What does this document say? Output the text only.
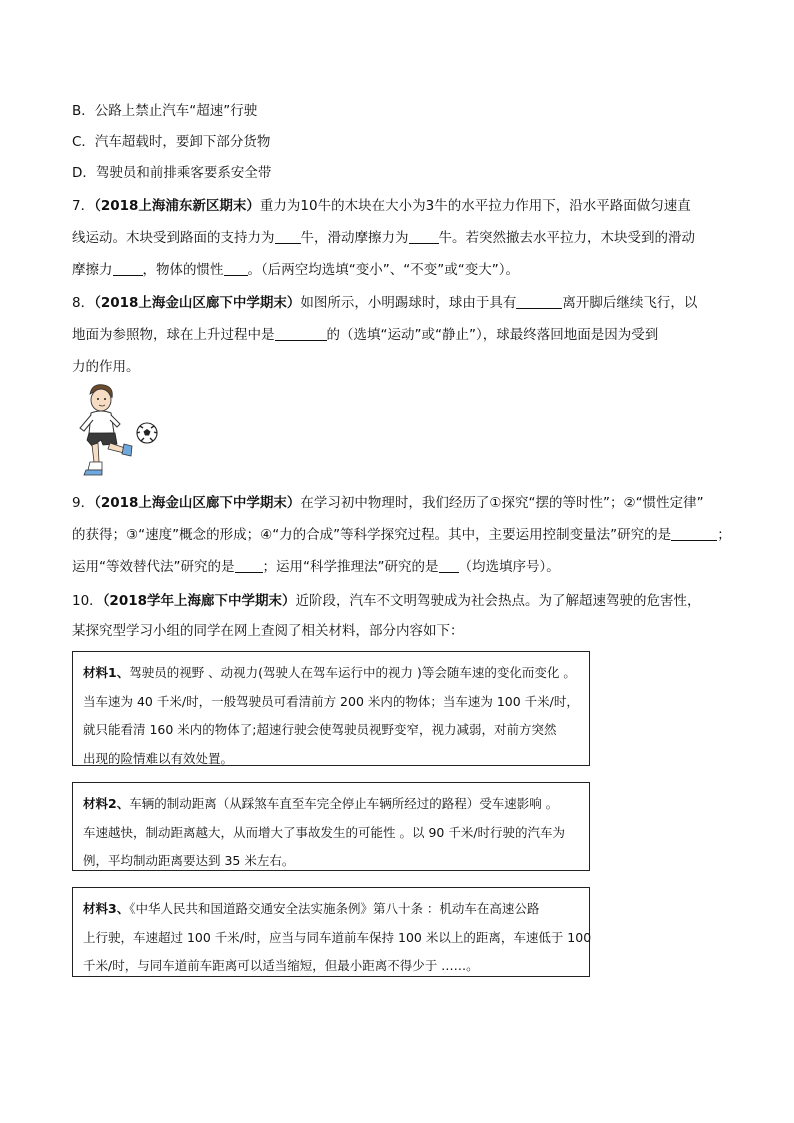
B．公路上禁止汽车“超速”行驶
C．汽车超载时，要卸下部分货物
D．驾驶员和前排乘客要系安全带
7．（2018上海浦东新区期末）重力为10牛的木块在大小为3牛的水平拉力作用下，沿水平路面做匀速直
线运动。木块受到路面的支持力为 牛，滑动摩擦力为 牛。若突然撤去水平拉力，木块受到的滑动
摩擦力 ，物体的惯性 。（后两空均选填“变小”、“不变”或“变大”）。
8．（2018上海金山区廊下中学期末）如图所示，小明踢球时，球由于具有	离开脚后继续飞行，以
地面为参照物，球在上升过程中是	的（选填“运动”或“静止”），球最终落回地面是因为受到
力的作用。
9．（2018上海金山区廊下中学期末）在学习初中物理时，我们经历了①探究“摆的等时性”；②“惯性定律”
的获得；③“速度”概念的形成；④“力的合成”等科学探究过程。其中，主要运用控制变量法”研究的是	；
运用“等效替代法”研究的是 ；运用“科学推理法”研究的是 （均选填序号）。
10．（2018学年上海廊下中学期末）近阶段，汽车不文明驾驶成为社会热点。为了解超速驾驶的危害性，
某探究型学习小组的同学在网上查阅了相关材料，部分内容如下：
材料1、驾驶员的视野 、动视力(驾驶人在驾车运行中的视力 )等会随车速的变化而变化 。
当车速为 40 千米/时，一般驾驶员可看清前方 200 米内的物体；当车速为 100 千米/时，
就只能看清 160 米内的物体了;超速行驶会使驾驶员视野变窄，视力减弱，对前方突然
出现的险情难以有效处置。
材料2、车辆的制动距离（从踩煞车直至车完全停止车辆所经过的路程）受车速影响 。
车速越快，制动距离越大，从而增大了事故发生的可能性 。以 90 千米/时行驶的汽车为
例，平均制动距离要达到 35 米左右。
材料3、《中华人民共和国道路交通安全法实施条例》第八十条 ：机动车在高速公路
上行驶，车速超过 100 千米/时，应当与同车道前车保持 100 米以上的距离，车速低于 100
千米/时，与同车道前车距离可以适当缩短，但最小距离不得少于 ……。
